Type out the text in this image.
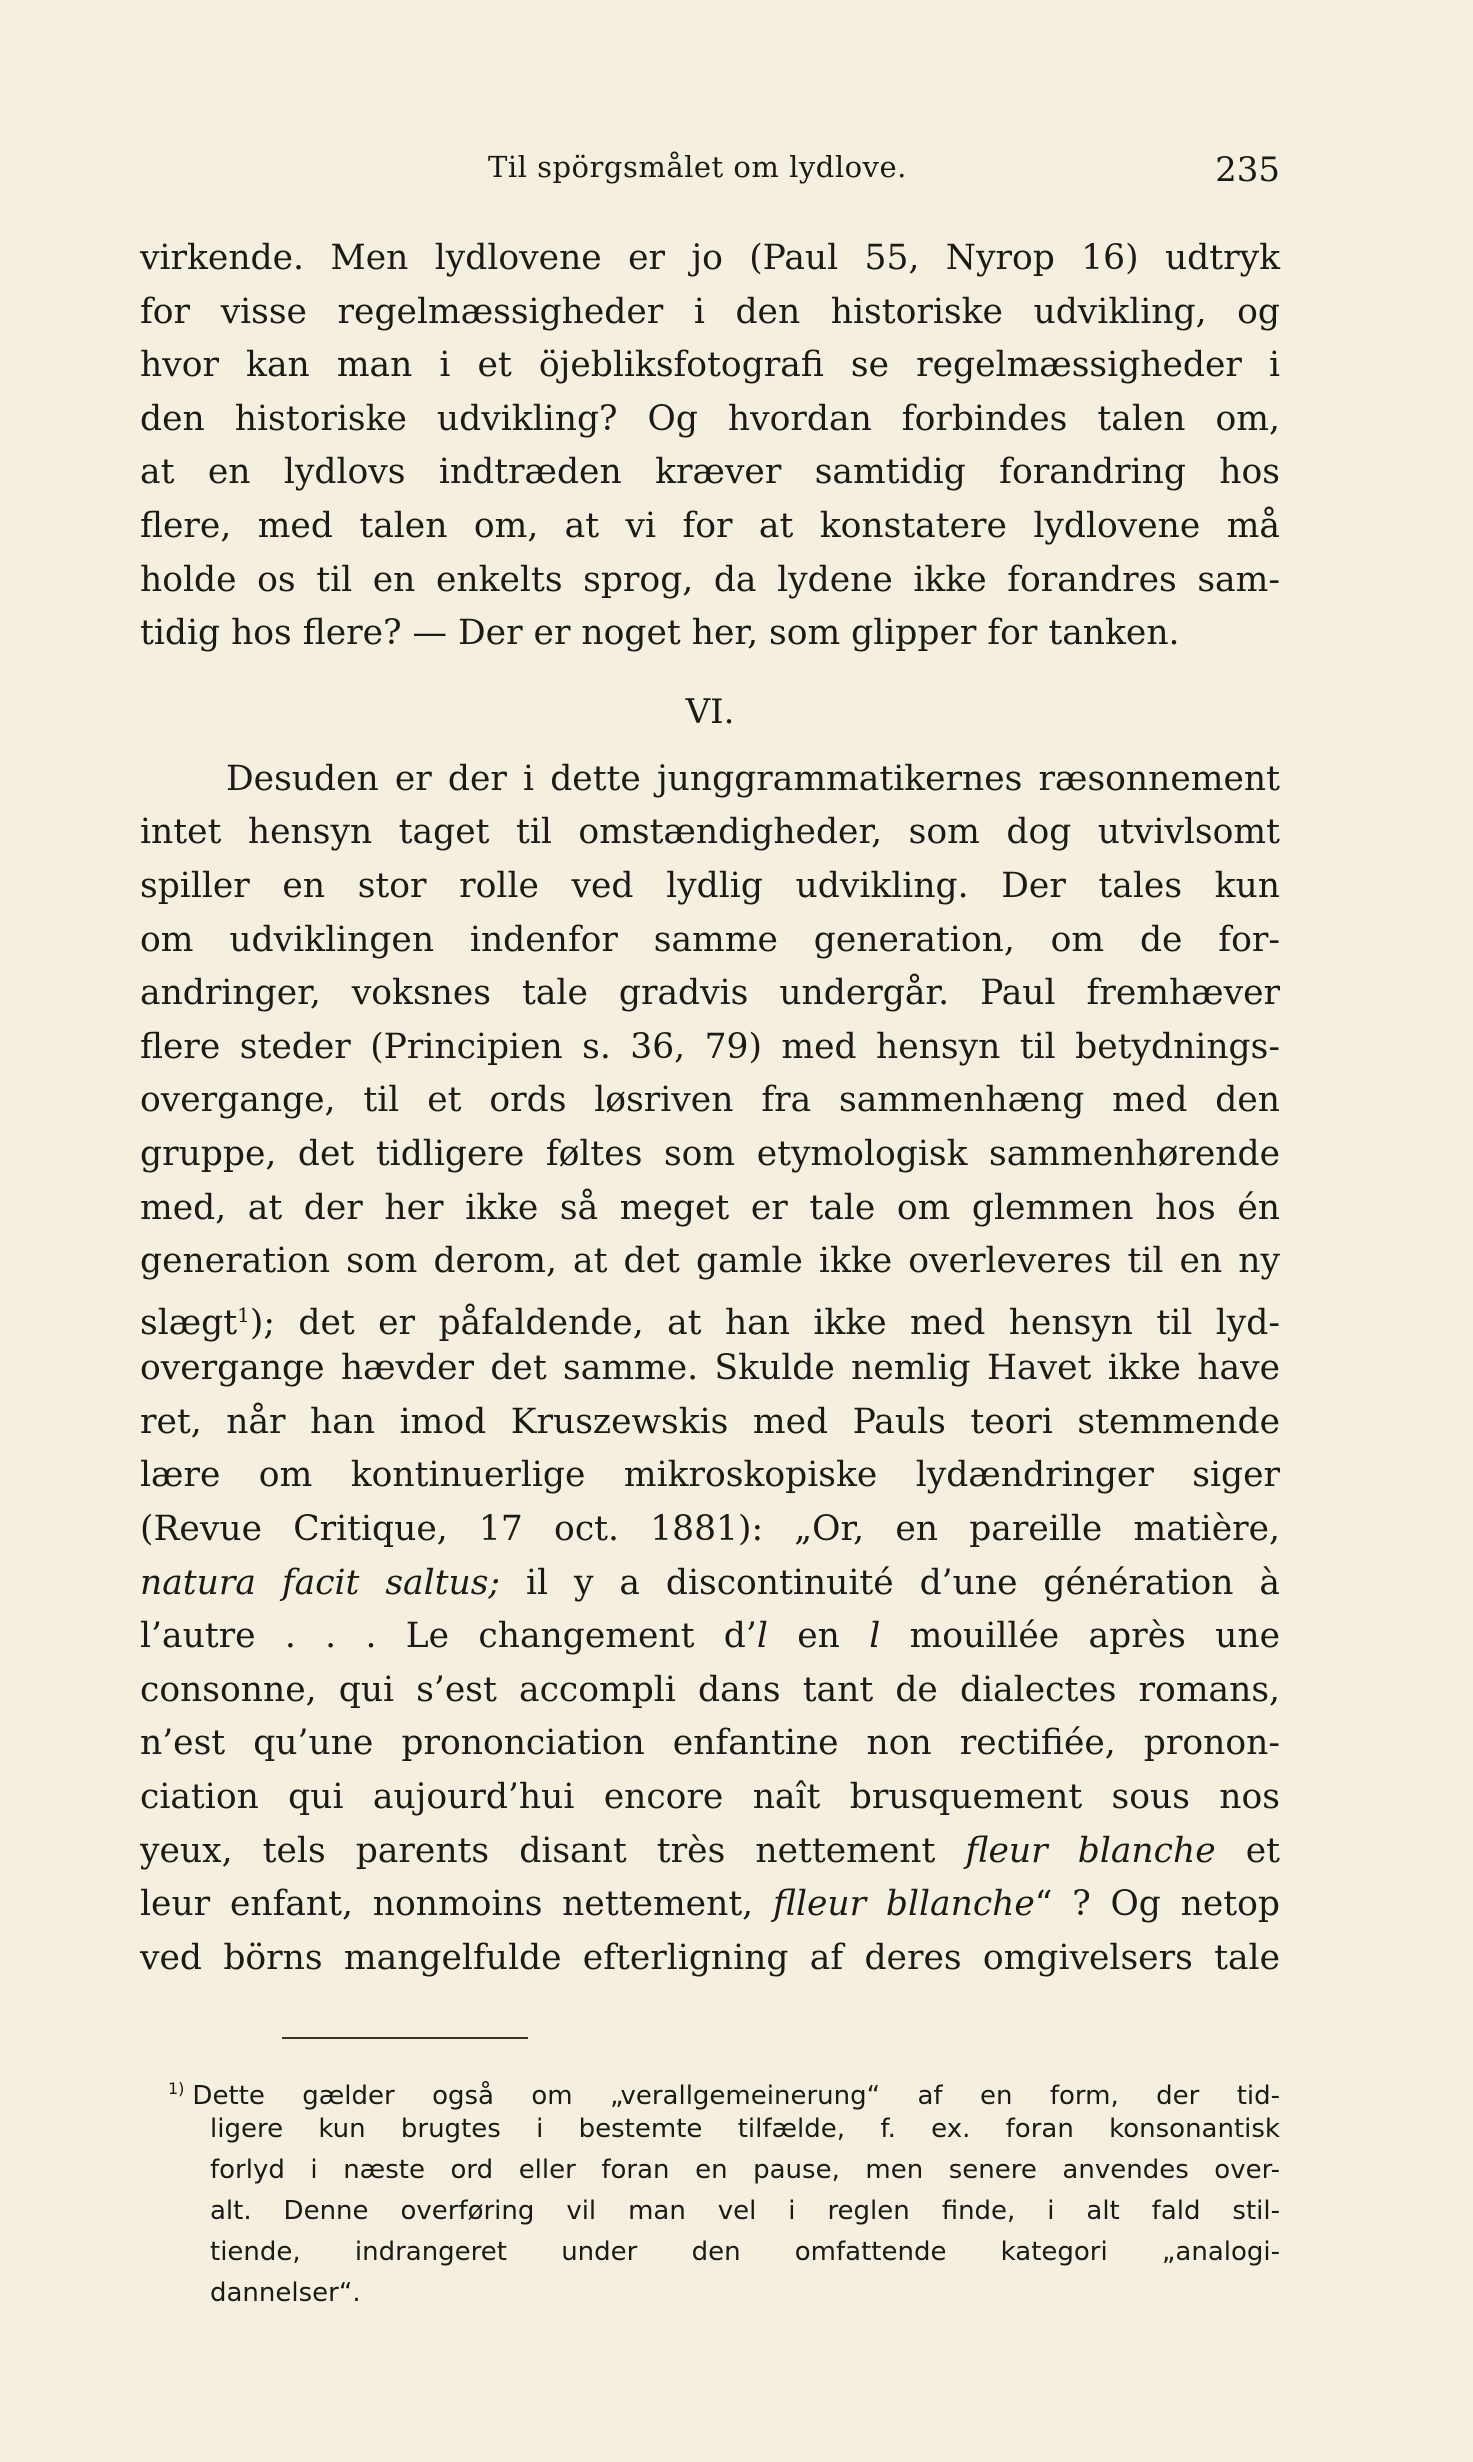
Til spörgsmålet om lydlove.	235
virkende. Men lydlovene er jo (Paul 55, Nyrop 16) udtryk
for visse regelmæssigheder i den historiske udvikling, og
hvor kan man i et öjebliksfotografi se regelmæssigheder i
den historiske udvikling? Og hvordan forbindes talen om,
at en lydlovs indtræden kræver samtidig forandring hos
flere, med talen om, at vi for at konstatere lydlovene må
holde os til en enkelts sprog, da lydene ikke forandres sam-
tidig hos flere? — Der er noget her, som glipper for tanken.
VI.
Desuden er der i dette junggrammatikernes ræsonnement
intet hensyn taget til omstændigheder, som dog utvivlsomt
spiller en stor rolle ved lydlig udvikling. Der tales kun
om udviklingen indenfor samme generation, om de for-
andringer, voksnes tale gradvis undergår. Paul fremhæver
flere steder (Principien s. 36, 79) med hensyn til betydnings-
overgange, til et ords løsriven fra sammenhæng med den
gruppe, det tidligere føltes som etymologisk sammenhørende
med, at der her ikke så meget er tale om glemmen hos én
generation som derom, at det gamle ikke overleveres til en ny
slægt$^1$); det er påfaldende, at han ikke med hensyn til lyd-
overgange hævder det samme. Skulde nemlig Havet ikke have
ret, når han imod Kruszewskis med Pauls teori stemmende
lære om kontinuerlige mikroskopiske lydændringer siger
(Revue Critique, 17 oct. 1881): „Or, en pareille matière,
natura facit saltus; il y a discontinuité d’une génération à
l’autre . . . Le changement d’l en l mouillée après une
consonne, qui s’est accompli dans tant de dialectes romans,
n’est qu’une prononciation enfantine non rectifiée, pronon-
ciation qui aujourd’hui encore naît brusquement sous nos
yeux, tels parents disant très nettement fleur blanche et
leur enfant, nonmoins nettement, flleur bllanche“ ? Og netop
ved börns mangelfulde efterligning af deres omgivelsers tale
$^{1)}$ Dette gælder også om „verallgemeinerung“ af en form, der tid-
ligere kun brugtes i bestemte tilfælde, f. ex. foran konsonantisk
forlyd i næste ord eller foran en pause, men senere anvendes over-
alt. Denne overføring vil man vel i reglen finde, i alt fald stil-
tiende, indrangeret under den omfattende kategori „analogi-
dannelser“.
